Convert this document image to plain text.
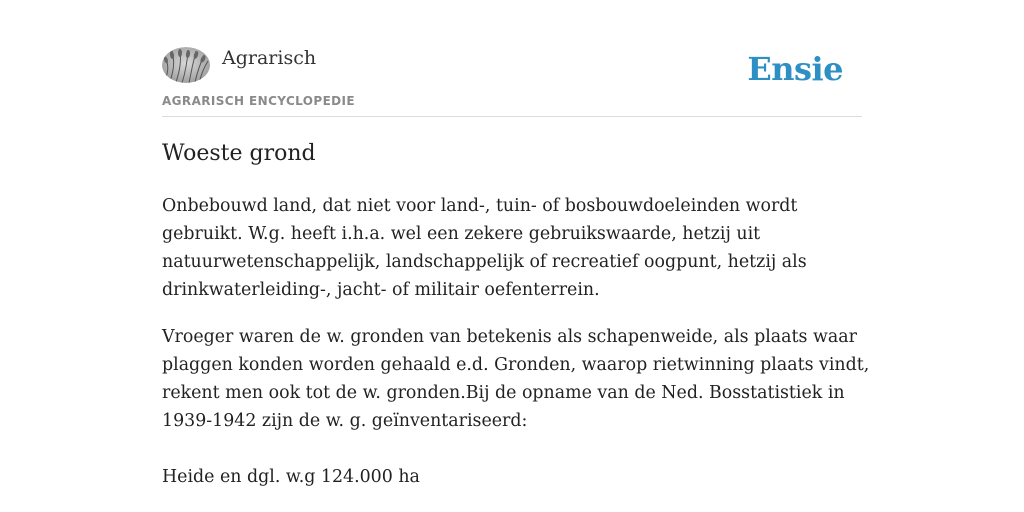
Agrarisch
AGRARISCH ENCYCLOPEDIE
Ensie
Woeste grond

Onbebouwd land, dat niet voor land-, tuin- of bosbouwdoeleinden wordt gebruikt. W.g. heeft i.h.a. wel een zekere gebruikswaarde, hetzij uit natuurwetenschappelijk, landschappelijk of recreatief oogpunt, hetzij als drinkwaterleiding-, jacht- of militair oefenterrein.

Vroeger waren de w. gronden van betekenis als schapenweide, als plaats waar plaggen konden worden gehaald e.d. Gronden, waarop rietwinning plaats vindt, rekent men ook tot de w. gronden.Bij de opname van de Ned. Bosstatistiek in 1939-1942 zijn de w. g. geïnventariseerd:

Heide en dgl. w.g 124.000 ha
